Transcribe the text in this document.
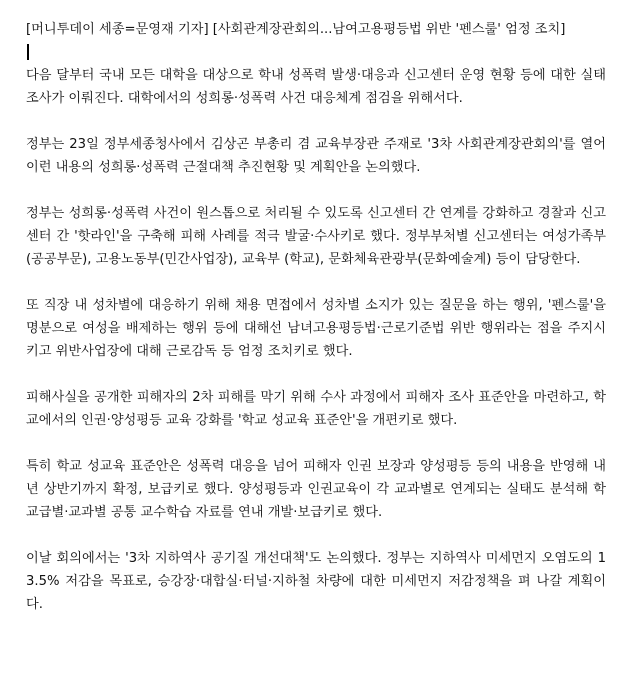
[머니투데이 세종=문영재 기자] [사회관계장관회의...남여고용평등법 위반 '펜스룰' 엄정 조치]

다음 달부터 국내 모든 대학을 대상으로 학내 성폭력 발생·대응과 신고센터 운영 현황 등에 대한 실태조사가 이뤄진다. 대학에서의 성희롱·성폭력 사건 대응체계 점검을 위해서다.

정부는 23일 정부세종청사에서 김상곤 부총리 겸 교육부장관 주재로 '3차 사회관계장관회의'를 열어 이런 내용의 성희롱·성폭력 근절대책 추진현황 및 계획안을 논의했다.

정부는 성희롱·성폭력 사건이 원스톱으로 처리될 수 있도록 신고센터 간 연계를 강화하고 경찰과 신고센터 간 '핫라인'을 구축해 피해 사례를 적극 발굴·수사키로 했다. 정부부처별 신고센터는 여성가족부(공공부문), 고용노동부(민간사업장), 교육부 (학교), 문화체육관광부(문화예술계) 등이 담당한다.

또 직장 내 성차별에 대응하기 위해 채용 면접에서 성차별 소지가 있는 질문을 하는 행위, '펜스룰'을 명분으로 여성을 배제하는 행위 등에 대해선 남녀고용평등법·근로기준법 위반 행위라는 점을 주지시키고 위반사업장에 대해 근로감독 등 엄정 조치키로 했다.

피해사실을 공개한 피해자의 2차 피해를 막기 위해 수사 과정에서 피해자 조사 표준안을 마련하고, 학교에서의 인권·양성평등 교육 강화를 '학교 성교육 표준안'을 개편키로 했다.

특히 학교 성교육 표준안은 성폭력 대응을 넘어 피해자 인권 보장과 양성평등 등의 내용을 반영해 내년 상반기까지 확정, 보급키로 했다. 양성평등과 인권교육이 각 교과별로 연계되는 실태도 분석해 학교급별·교과별 공통 교수학습 자료를 연내 개발·보급키로 했다.

이날 회의에서는 '3차 지하역사 공기질 개선대책'도 논의했다. 정부는 지하역사 미세먼지 오염도의 13.5% 저감을 목표로, 승강장·대합실·터널·지하철 차량에 대한 미세먼지 저감정책을 펴 나갈 계획이다.
